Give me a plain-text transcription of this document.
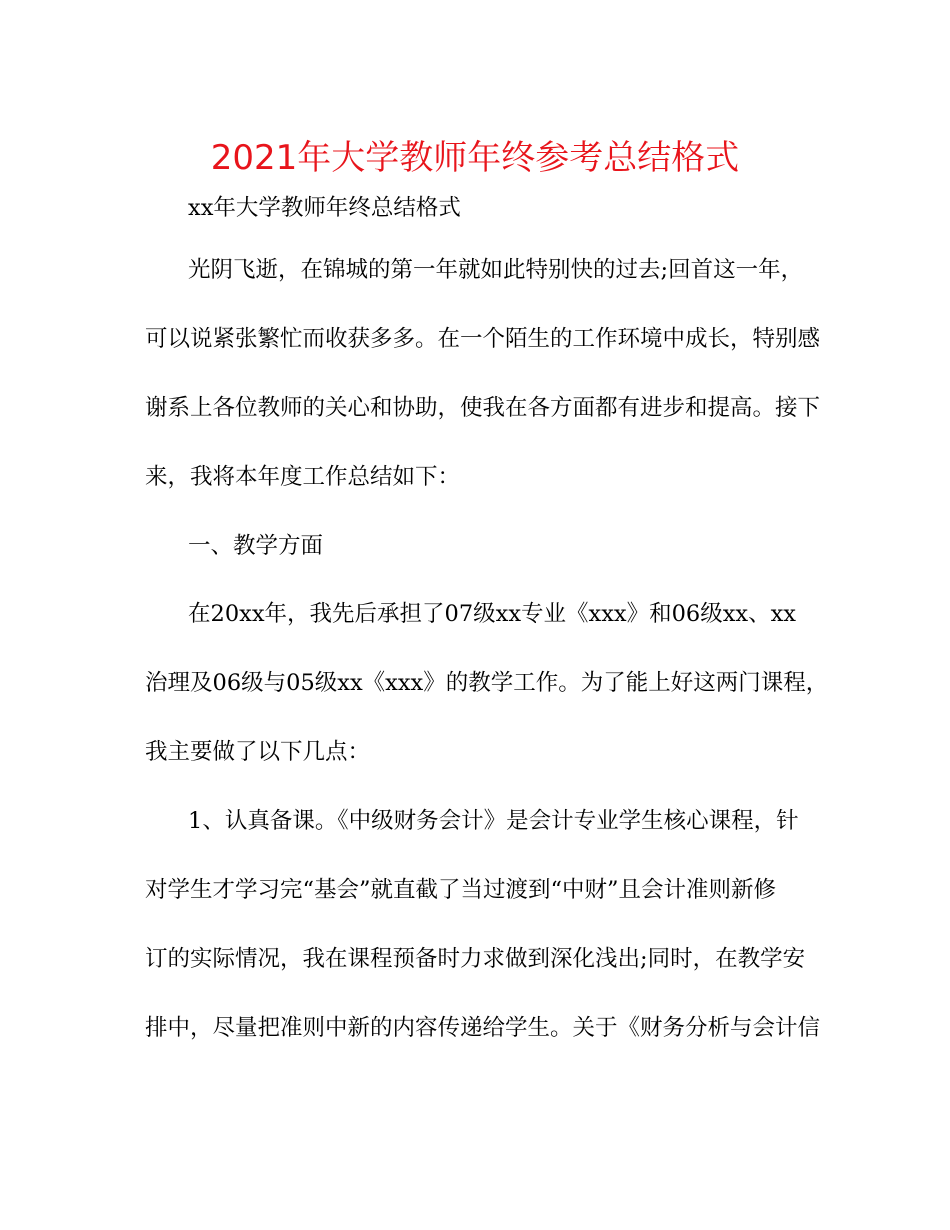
2021年大学教师年终参考总结格式
xx年大学教师年终总结格式
光阴飞逝，在锦城的第一年就如此特别快的过去;回首这一年，
可以说紧张繁忙而收获多多。在一个陌生的工作环境中成长，特别感
谢系上各位教师的关心和协助，使我在各方面都有进步和提高。接下
来，我将本年度工作总结如下：
一、教学方面
在20xx年，我先后承担了07级xx专业《xxx》和06级xx、xx
治理及06级与05级xx《xxx》的教学工作。为了能上好这两门课程，
我主要做了以下几点：
1、认真备课。《中级财务会计》是会计专业学生核心课程，针
对学生才学习完“基会”就直截了当过渡到“中财”且会计准则新修
订的实际情况，我在课程预备时力求做到深化浅出;同时，在教学安
排中，尽量把准则中新的内容传递给学生。关于《财务分析与会计信
